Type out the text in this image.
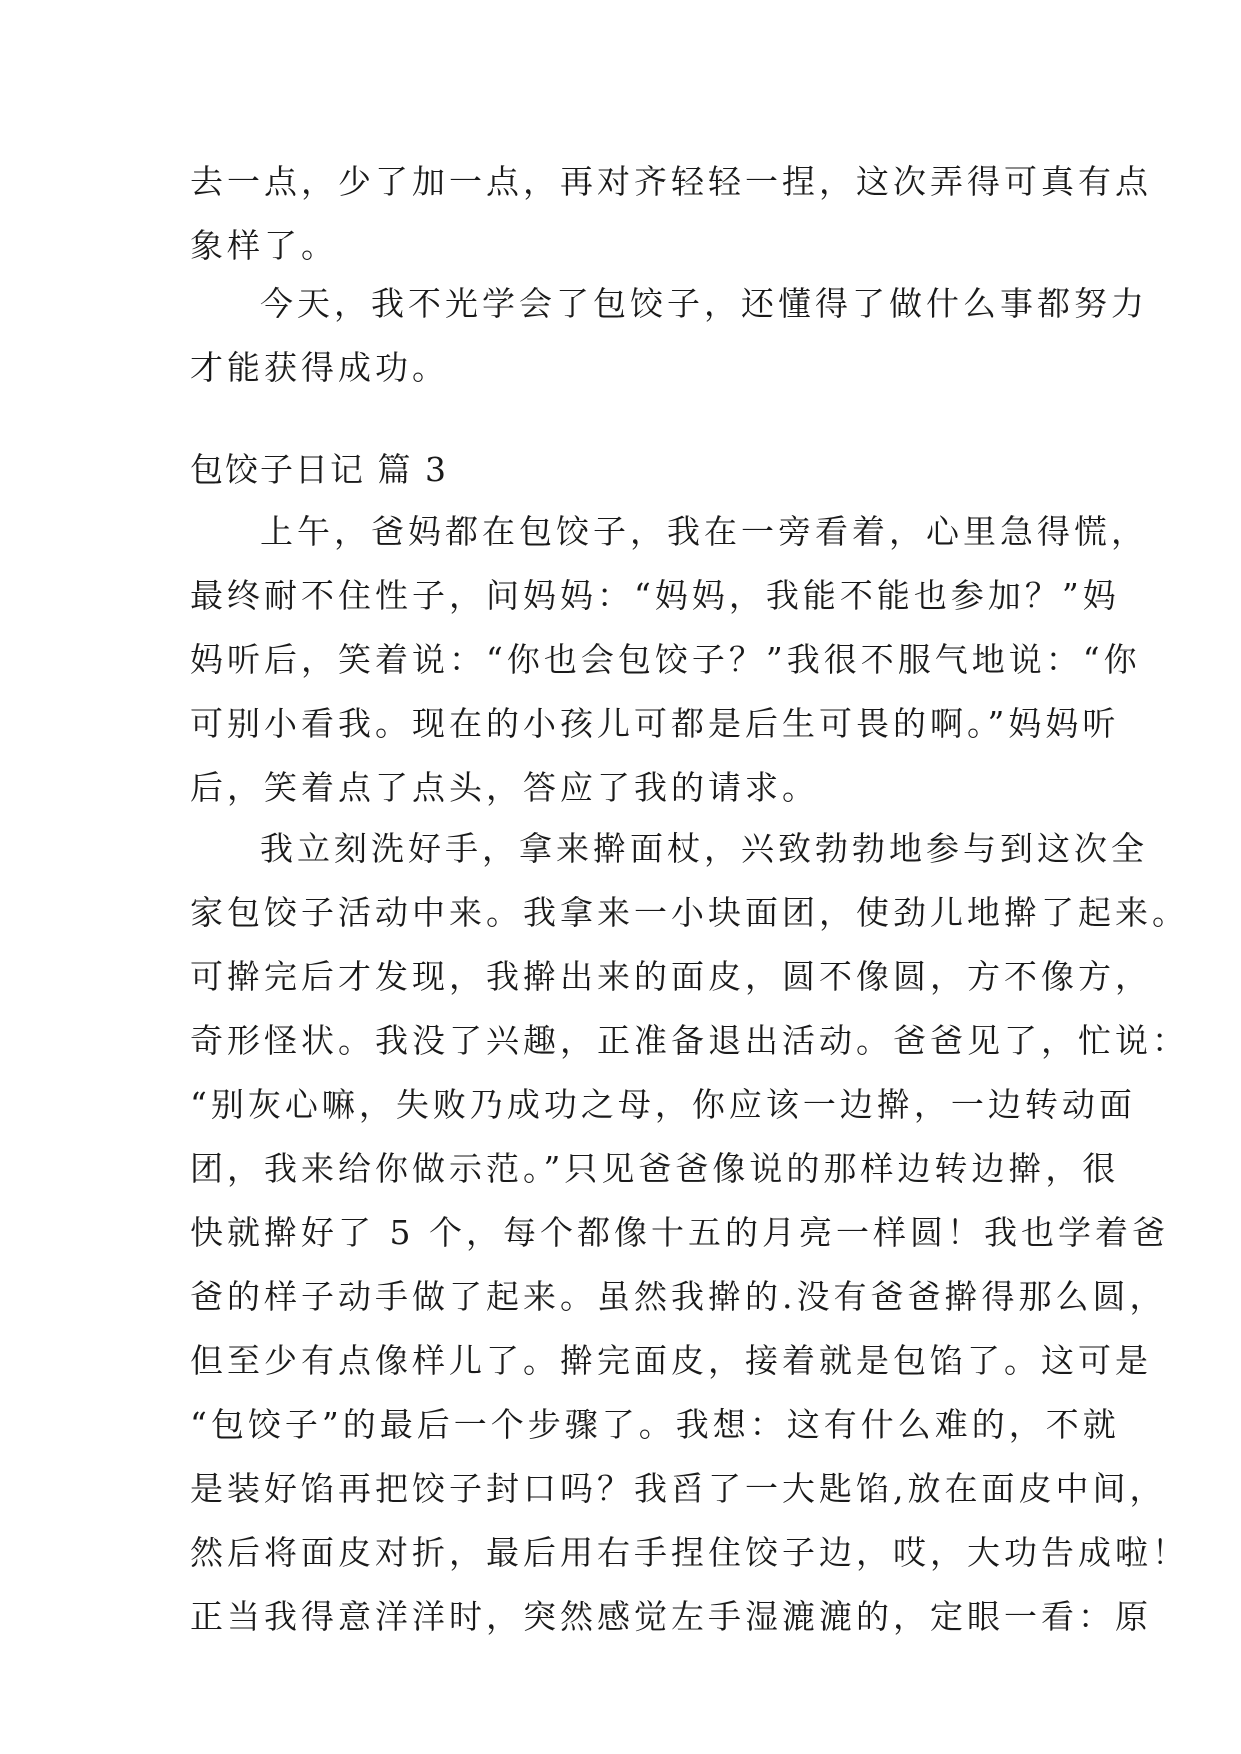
去一点，少了加一点，再对齐轻轻一捏，这次弄得可真有点
象样了。
今天，我不光学会了包饺子，还懂得了做什么事都努力
才能获得成功。
包饺子日记 篇 3
上午，爸妈都在包饺子，我在一旁看着，心里急得慌，
最终耐不住性子，问妈妈：“妈妈，我能不能也参加？”妈
妈听后，笑着说：“你也会包饺子？”我很不服气地说：“你
可别小看我。现在的小孩儿可都是后生可畏的啊。”妈妈听
后，笑着点了点头，答应了我的请求。
我立刻洗好手，拿来擀面杖，兴致勃勃地参与到这次全
家包饺子活动中来。我拿来一小块面团，使劲儿地擀了起来。
可擀完后才发现，我擀出来的面皮，圆不像圆，方不像方，
奇形怪状。我没了兴趣，正准备退出活动。爸爸见了，忙说：
“别灰心嘛，失败乃成功之母，你应该一边擀，一边转动面
团，我来给你做示范。”只见爸爸像说的那样边转边擀，很
快就擀好了 5 个，每个都像十五的月亮一样圆！我也学着爸
爸的样子动手做了起来。虽然我擀的.没有爸爸擀得那么圆，
但至少有点像样儿了。擀完面皮，接着就是包馅了。这可是
“包饺子”的最后一个步骤了。我想：这有什么难的，不就
是装好馅再把饺子封口吗？我舀了一大匙馅,放在面皮中间，
然后将面皮对折，最后用右手捏住饺子边，哎，大功告成啦！
正当我得意洋洋时，突然感觉左手湿漉漉的，定眼一看：原
